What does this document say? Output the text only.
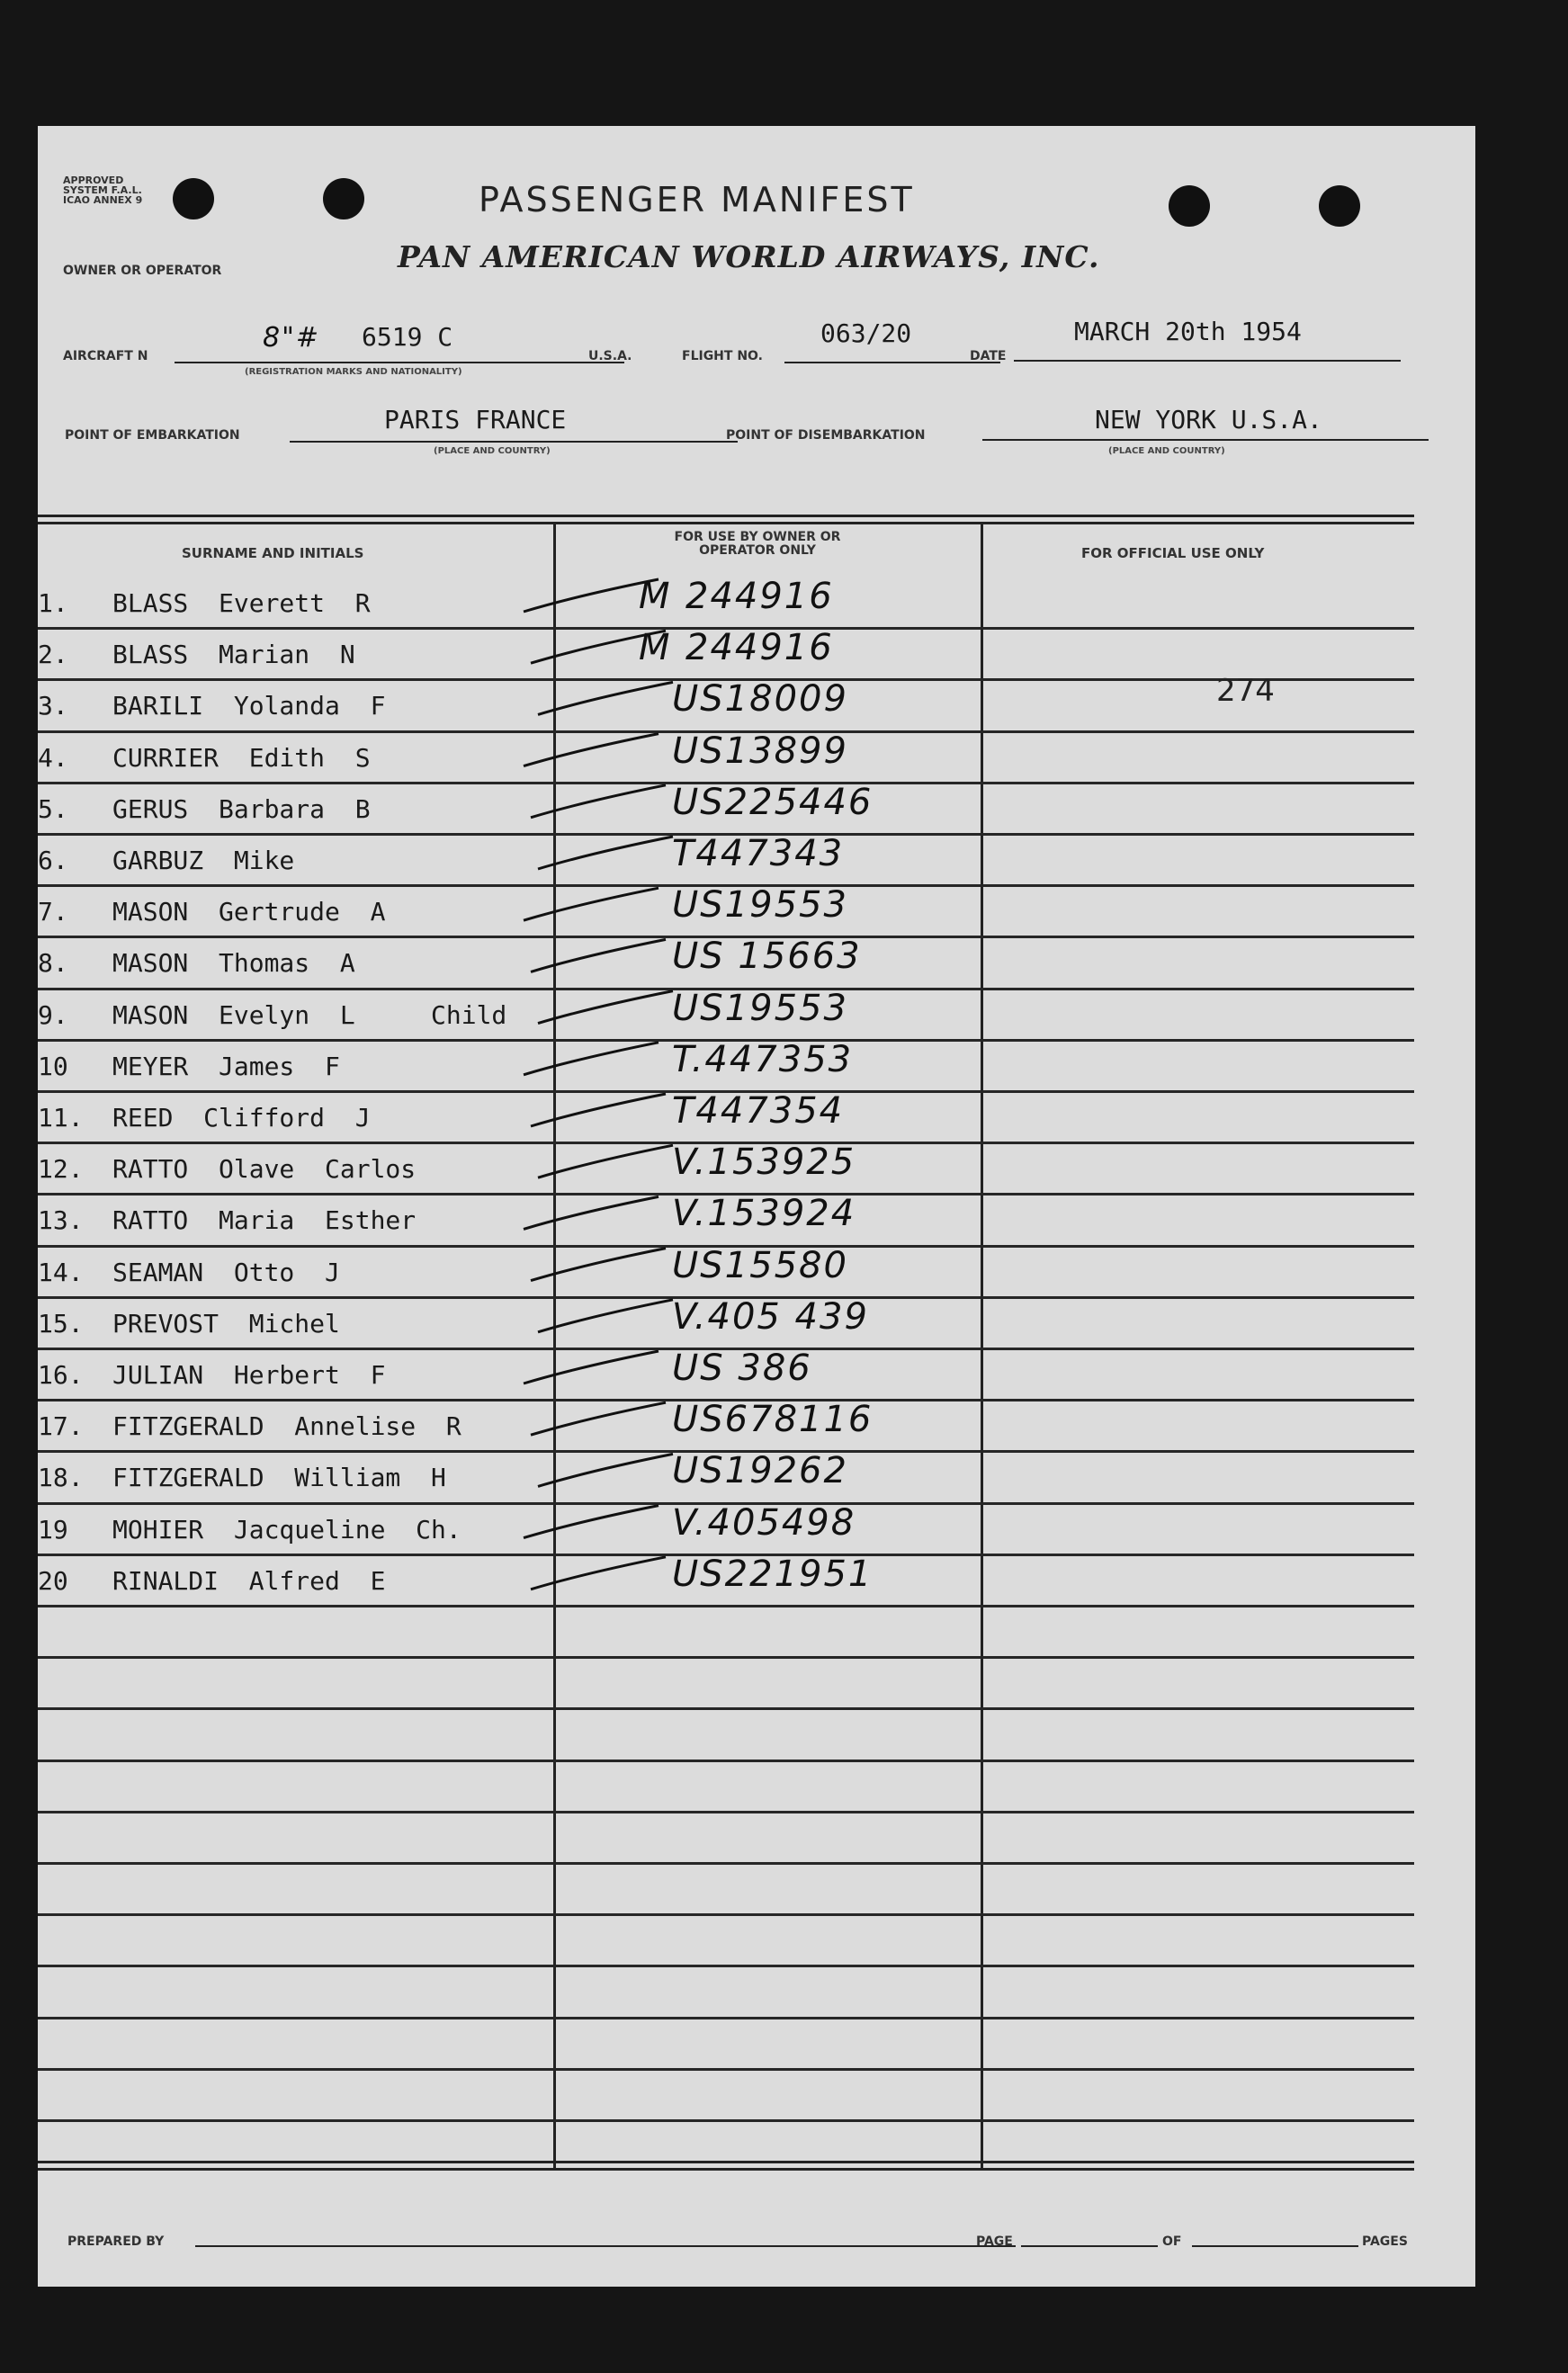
APPROVED
SYSTEM F.A.L.
ICAO ANNEX 9	PASSENGER MANIFEST
OWNER OR OPERATOR	PAN AMERICAN WORLD AIRWAYS, INC.
AIRCRAFT N
8"# 6519 C
(REGISTRATION MARKS AND NATIONALITY)
U.S.A.	FLIGHT NO.
063/20
DATE
MARCH 20th 1954
POINT OF EMBARKATION
PARIS FRANCE
(PLACE AND COUNTRY)
POINT OF DISEMBARKATION
NEW YORK U.S.A.
(PLACE AND COUNTRY)
SURNAME AND INITIALS
FOR USE BY OWNER OR OPERATOR ONLY	FOR OFFICIAL USE ONLY
1. BLASS  Everett  R	M 244916
2. BLASS  Marian  N	M 244916
3. BARILI  Yolanda  F	US18009	274
4. CURRIER  Edith  S	US13899
5. GERUS  Barbara  B	US225446
6. GARBUZ  Mike	T447343
7. MASON  Gertrude  A	US19553
8. MASON  Thomas  A	US 15663
9. MASON  Evelyn  L     Child	US19553
10 MEYER  James  F	T.447353
11. REED  Clifford  J	T447354
12. RATTO  Olave  Carlos	V.153925
13. RATTO  Maria  Esther	V.153924
14. SEAMAN  Otto  J	US15580
15. PREVOST  Michel	V.405 439
16. JULIAN  Herbert  F	US 386
17. FITZGERALD  Annelise  R	US678116
18. FITZGERALD  William  H	US19262
19 MOHIER  Jacqueline  Ch.	V.405498
20 RINALDI  Alfred  E	US221951
PREPARED BY	PAGE	OF	PAGES
